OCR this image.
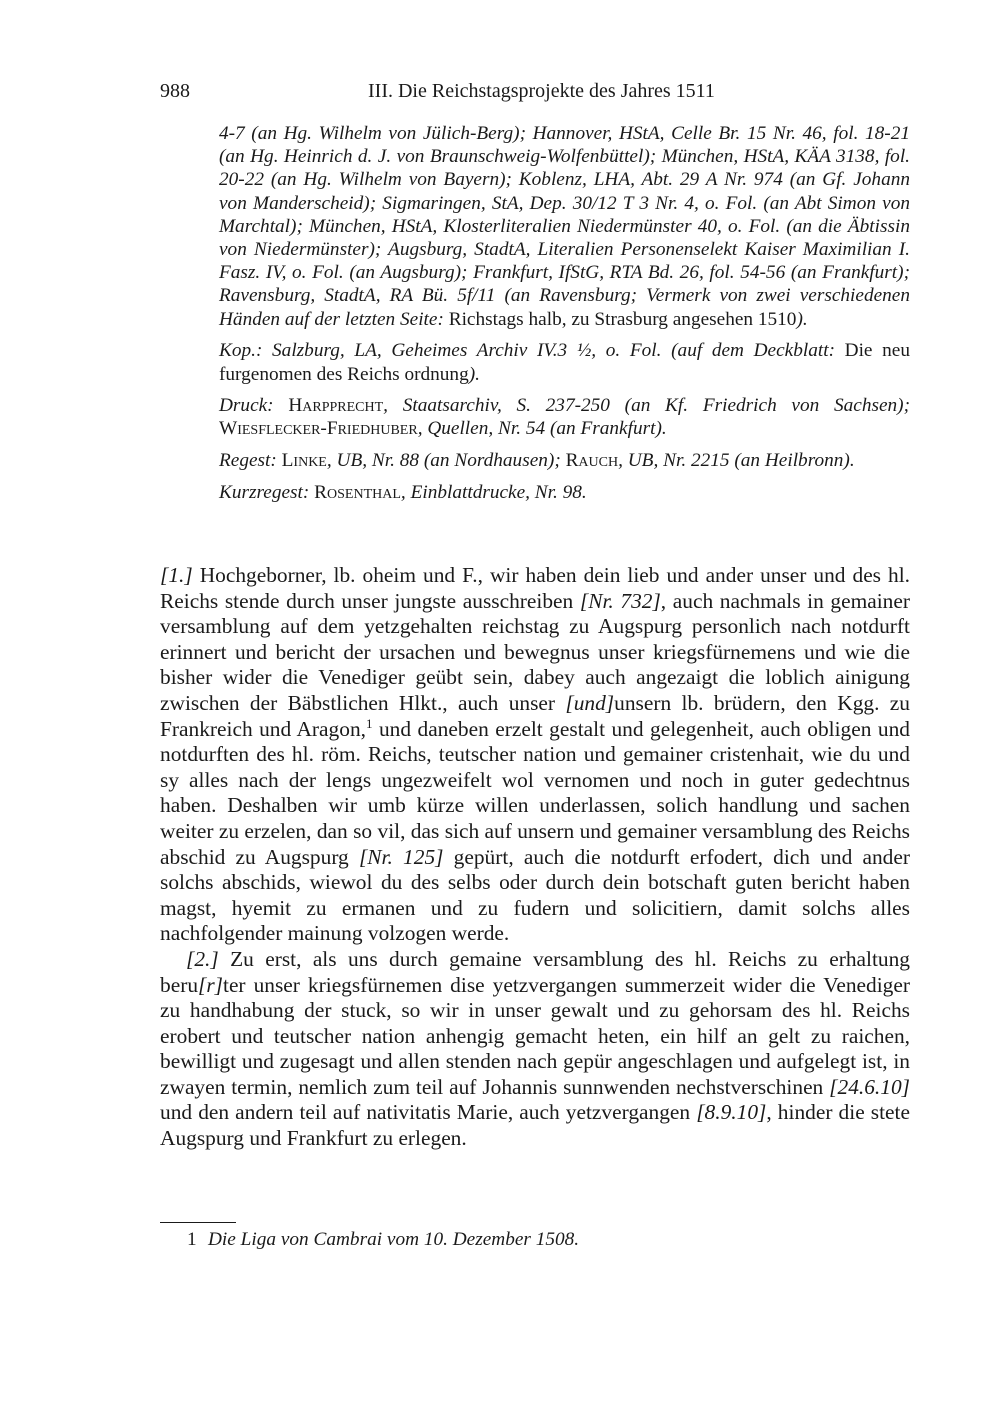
988	III. Die Reichstagsprojekte des Jahres 1511

4-7 (an Hg. Wilhelm von Jülich-Berg); Hannover, HStA, Celle Br. 15 Nr. 46, fol. 18-21 (an Hg. Heinrich d. J. von Braunschweig-Wolfenbüttel); München, HStA, KÄA 3138, fol. 20-22 (an Hg. Wilhelm von Bayern); Koblenz, LHA, Abt. 29 A Nr. 974 (an Gf. Johann von Manderscheid); Sigmaringen, StA, Dep. 30/12 T 3 Nr. 4, o. Fol. (an Abt Simon von Marchtal); München, HStA, Klosterliteralien Niedermünster 40, o. Fol. (an die Äbtissin von Niedermünster); Augsburg, StadtA, Literalien Personenselekt Kaiser Maximilian I. Fasz. IV, o. Fol. (an Augsburg); Frankfurt, IfStG, RTA Bd. 26, fol. 54-56 (an Frankfurt); Ravensburg, StadtA, RA Bü. 5f/11 (an Ravensburg; Vermerk von zwei verschiedenen Händen auf der letzten Seite: Richstags halb, zu Strasburg angesehen 1510).

Kop.: Salzburg, LA, Geheimes Archiv IV.3 ½, o. Fol. (auf dem Deckblatt: Die neu furgenomen des Reichs ordnung).

Druck: Harpprecht, Staatsarchiv, S. 237-250 (an Kf. Friedrich von Sachsen); Wiesflecker-Friedhuber, Quellen, Nr. 54 (an Frankfurt).

Regest: Linke, UB, Nr. 88 (an Nordhausen); Rauch, UB, Nr. 2215 (an Heilbronn).

Kurzregest: Rosenthal, Einblattdrucke, Nr. 98.

[1.] Hochgeborner, lb. oheim und F., wir haben dein lieb und ander unser und des hl. Reichs stende durch unser jungste ausschreiben [Nr. 732], auch nachmals in gemainer versamblung auf dem yetzgehalten reichstag zu Augspurg personlich nach notdurft erinnert und bericht der ursachen und bewegnus unser kriegsfürnemens und wie die bisher wider die Venediger geübt sein, dabey auch angezaigt die loblich ainigung zwischen der Bäbstlichen Hlkt., auch unser [und]unsern lb. brüdern, den Kgg. zu Frankreich und Aragon,$^1$ und daneben erzelt gestalt und gelegenheit, auch obligen und notdurften des hl. röm. Reichs, teutscher nation und gemainer cristenhait, wie du und sy alles nach der lengs ungezweifelt wol vernomen und noch in guter gedechtnus haben. Deshalben wir umb kürze willen underlassen, solich handlung und sachen weiter zu erzelen, dan so vil, das sich auf unsern und gemainer versamblung des Reichs abschid zu Augspurg [Nr. 125] gepürt, auch die notdurft erfodert, dich und ander solchs abschids, wiewol du des selbs oder durch dein botschaft guten bericht haben magst, hyemit zu ermanen und zu fudern und solicitiern, damit solchs alles nachfolgender mainung volzogen werde.

[2.] Zu erst, als uns durch gemaine versamblung des hl. Reichs zu erhaltung beru[r]ter unser kriegsfürnemen dise yetzvergangen summerzeit wider die Venediger zu handhabung der stuck, so wir in unser gewalt und zu gehorsam des hl. Reichs erobert und teutscher nation anhengig gemacht heten, ein hilf an gelt zu raichen, bewilligt und zugesagt und allen stenden nach gepür angeschlagen und aufgelegt ist, in zwayen termin, nemlich zum teil auf Johannis sunnwenden nechstverschinen [24.6.10] und den andern teil auf nativitatis Marie, auch yetzvergangen [8.9.10], hinder die stete Augspurg und Frankfurt zu erlegen.

1 Die Liga von Cambrai vom 10. Dezember 1508.
